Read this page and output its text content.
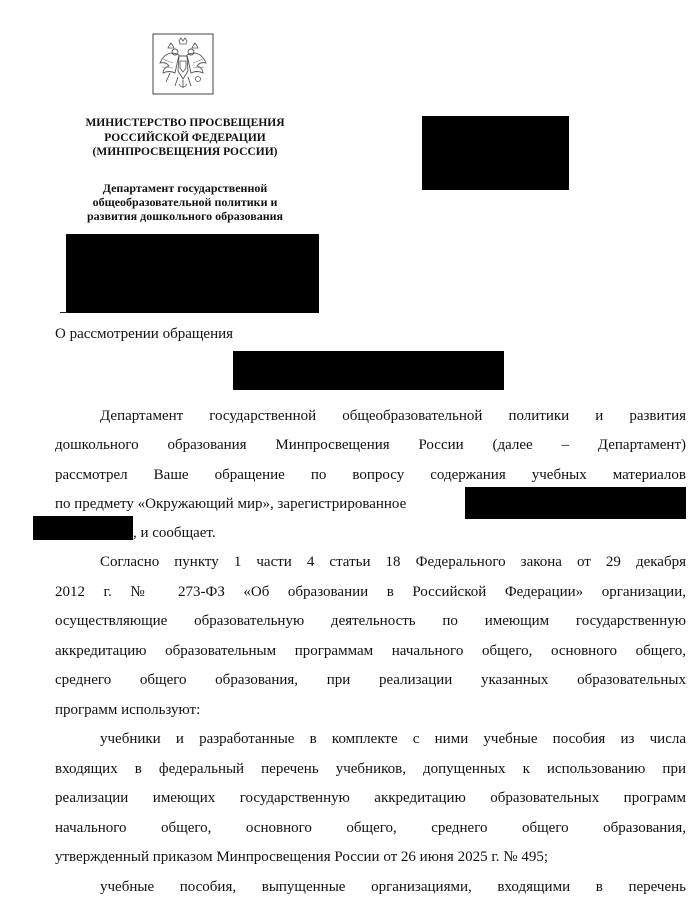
МИНИСТЕРСТВО ПРОСВЕЩЕНИЯ
РОССИЙСКОЙ ФЕДЕРАЦИИ
(МИНПРОСВЕЩЕНИЯ РОССИИ)
Департамент государственной
общеобразовательной политики и
развития дошкольного образования
О рассмотрении обращения
Департамент государственной общеобразовательной политики и развития
дошкольного образования Минпросвещения России (далее – Департамент)
рассмотрел Ваше обращение по вопросу содержания учебных материалов
по предмету «Окружающий мир», зарегистрированное
, и сообщает.
Согласно пункту 1 части 4 статьи 18 Федерального закона от 29 декабря
2012 г. № 273-ФЗ «Об образовании в Российской Федерации» организации,
осуществляющие образовательную деятельность по имеющим государственную
аккредитацию образовательным программам начального общего, основного общего,
среднего общего образования, при реализации указанных образовательных
программ используют:
учебники и разработанные в комплекте с ними учебные пособия из числа
входящих в федеральный перечень учебников, допущенных к использованию при
реализации имеющих государственную аккредитацию образовательных программ
начального общего, основного общего, среднего общего образования,
утвержденный приказом Минпросвещения России от 26 июня 2025 г. № 495;
учебные пособия, выпущенные организациями, входящими в перечень
